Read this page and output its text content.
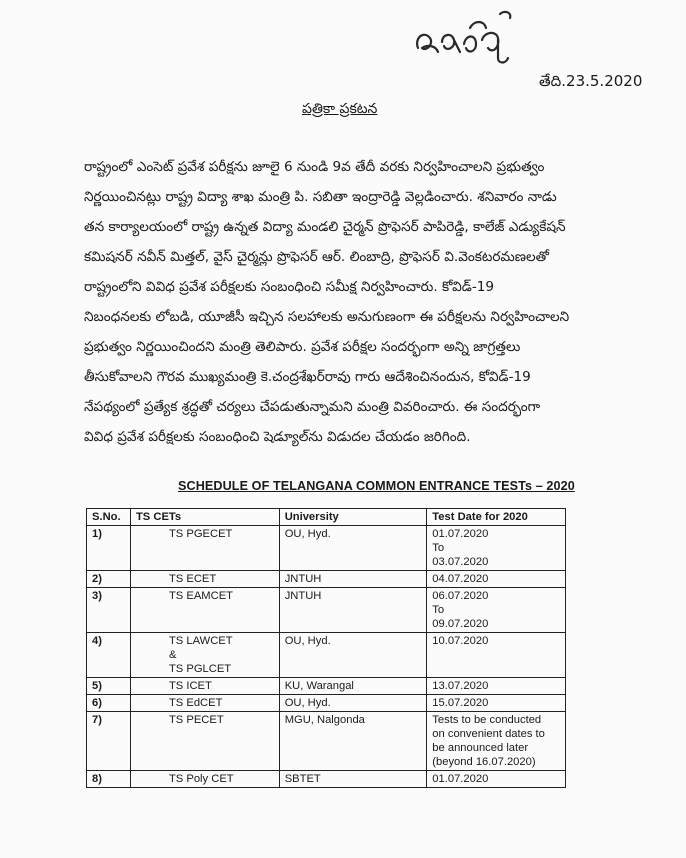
తేది.23.5.2020
పత్రికా ప్రకటన

రాష్ట్రంలో ఎంసెట్ ప్రవేశ పరీక్షను జూలై 6 నుండి 9వ తేదీ వరకు నిర్వహించాలని ప్రభుత్వం

నిర్ణయించినట్లు రాష్ట్ర విద్యా శాఖ మంత్రి పి. సబితా ఇంద్రారెడ్డి వెల్లడించారు. శనివారం నాడు

తన కార్యాలయంలో రాష్ట్ర ఉన్నత విద్యా మండలి చైర్మన్ ప్రొఫెసర్ పాపిరెడ్డి, కాలేజ్ ఎడ్యుకేషన్

కమిషనర్ నవీన్ మిత్తల్, వైస్ చైర్మన్లు ప్రొఫెసర్ ఆర్. లింబాద్రి, ప్రొఫెసర్ వి.వెంకటరమణలతో

రాష్ట్రంలోని వివిధ ప్రవేశ పరీక్షలకు సంబంధించి సమీక్ష నిర్వహించారు. కోవిడ్-19

నిబంధనలకు లోబడి, యూజీసీ ఇచ్చిన సలహాలకు అనుగుణంగా ఈ పరీక్షలను నిర్వహించాలని

ప్రభుత్వం నిర్ణయించిందని మంత్రి తెలిపారు. ప్రవేశ పరీక్షల సందర్భంగా అన్ని జాగ్రత్తలు

తీసుకోవాలని గౌరవ ముఖ్యమంత్రి కె.చంద్రశేఖర్‌రావు గారు ఆదేశించినందున, కోవిడ్-19

నేపథ్యంలో ప్రత్యేక శ్రద్ధతో చర్యలు చేపడుతున్నామని మంత్రి వివరించారు. ఈ సందర్భంగా

వివిధ ప్రవేశ పరీక్షలకు సంబంధించి షెడ్యూల్‌ను విడుదల చేయడం జరిగింది.

SCHEDULE OF TELANGANA COMMON ENTRANCE TESTs – 2020
S.No.	TS CETs	University	Test Date for 2020
1)	TS PGECET	OU, Hyd.	01.07.2020
To
03.07.2020

2)	TS ECET	JNTUH	04.07.2020

3)	TS EAMCET	JNTUH	06.07.2020
To
09.07.2020

4)	TS LAWCET
&
TS PGLCET	OU, Hyd.	10.07.2020

5)	TS ICET	KU, Warangal	13.07.2020

6)	TS EdCET	OU, Hyd.	15.07.2020

7)	TS PECET	MGU, Nalgonda	Tests to be conducted
on convenient dates to
be announced later
(beyond 16.07.2020)

8)	TS Poly CET	SBTET	01.07.2020
